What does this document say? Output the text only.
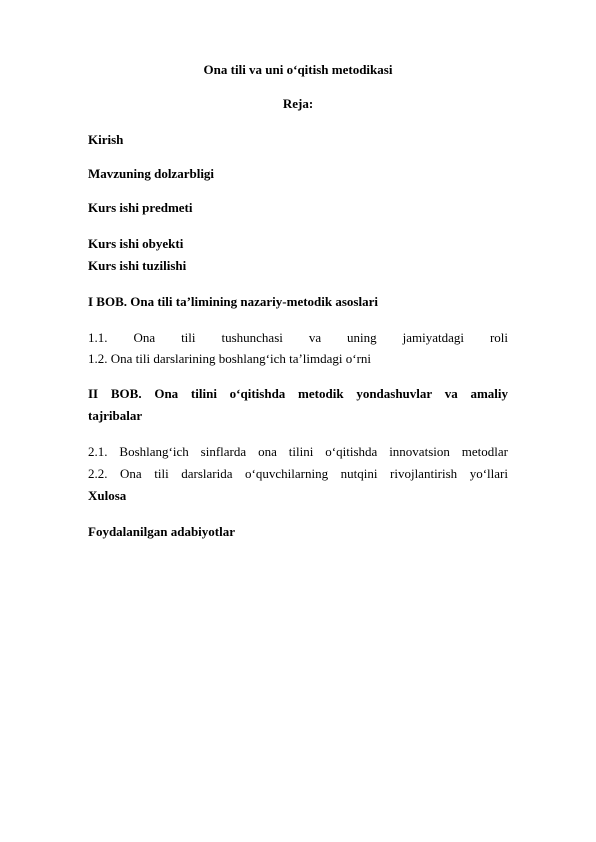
Ona tili va uni o‘qitish metodikasi
Reja:
Kirish
Mavzuning dolzarbligi
Kurs ishi predmeti
Kurs ishi obyekti
Kurs ishi tuzilishi
I BOB. Ona tili ta’limining nazariy-metodik asoslari
1.1. Ona tili tushunchasi va uning jamiyatdagi roli
1.2. Ona tili darslarining boshlang‘ich ta’limdagi o‘rni
II BOB. Ona tilini o‘qitishda metodik yondashuvlar va amaliy
tajribalar
2.1. Boshlang‘ich sinflarda ona tilini o‘qitishda innovatsion metodlar
2.2. Ona tili darslarida o‘quvchilarning nutqini rivojlantirish yo‘llari
Xulosa
Foydalanilgan adabiyotlar
